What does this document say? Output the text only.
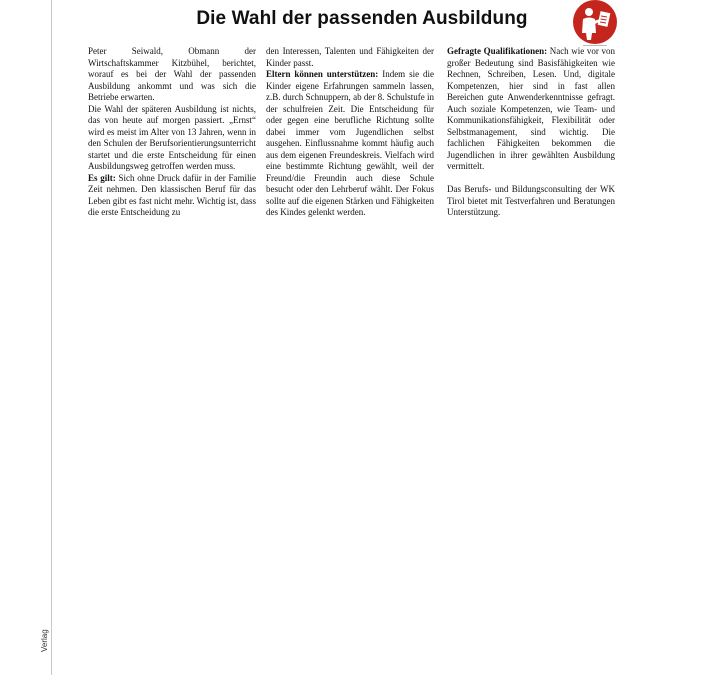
Verlag
Die Wahl der passenden Ausbildung

Peter Seiwald, Obmann der Wirtschaftskammer Kitzbühel, berichtet, worauf es bei der Wahl der passenden Ausbildung ankommt und was sich die Betriebe erwarten.

Die Wahl der späteren Ausbildung ist nichts, das von heute auf morgen passiert. „Ernst“ wird es meist im Alter von 13 Jahren, wenn in den Schulen der Berufsorientierungsunterricht startet und die erste Entscheidung für einen Ausbildungsweg getroffen werden muss.

Es gilt: Sich ohne Druck dafür in der Familie Zeit nehmen. Den klassischen Beruf für das Leben gibt es fast nicht mehr. Wichtig ist, dass die erste Entscheidung zu

den Interessen, Talenten und Fähigkeiten der Kinder passt.

Eltern können unterstützen: Indem sie die Kinder eigene Erfahrungen sammeln lassen, z.B. durch Schnuppern, ab der 8. Schulstufe in der schulfreien Zeit. Die Entscheidung für oder gegen eine berufliche Richtung sollte dabei immer vom Jugendlichen selbst ausgehen. Einflussnahme kommt häufig auch aus dem eigenen Freundeskreis. Vielfach wird eine bestimmte Richtung gewählt, weil der Freund/die Freundin auch diese Schule besucht oder den Lehrberuf wählt. Der Fokus sollte auf die eigenen Stärken und Fähigkeiten des Kindes gelenkt werden.

Gefragte Qualifikationen: Nach wie vor von großer Bedeutung sind Basisfähigkeiten wie Rechnen, Schreiben, Lesen. Und, digitale Kompetenzen, hier sind in fast allen Bereichen gute Anwenderkenntnisse gefragt. Auch soziale Kompetenzen, wie Team- und Kommunikationsfähigkeit, Flexibilität oder Selbstmanagement, sind wichtig. Die fachlichen Fähigkeiten bekommen die Jugendlichen in ihrer gewählten Ausbildung vermittelt.

Das Berufs- und Bildungsconsulting der WK Tirol bietet mit Testverfahren und Beratungen Unterstützung.
